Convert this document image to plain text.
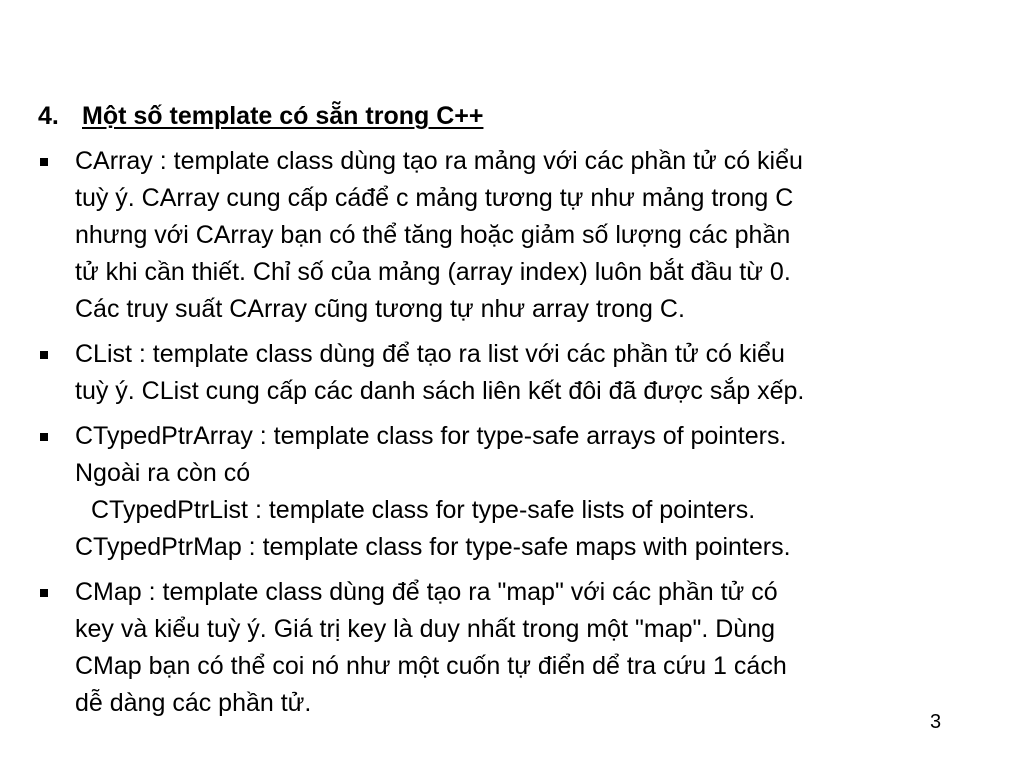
4. Một số template có sẵn trong C++
CArray : template class dùng tạo ra mảng với các phần tử có kiểu
tuỳ ý. CArray cung cấp cáđể c mảng tương tự như mảng trong C
nhưng với CArray bạn có thể tăng hoặc giảm số lượng các phần
tử khi cần thiết. Chỉ số của mảng (array index) luôn bắt đầu từ 0.
Các truy suất CArray cũng tương tự như array trong C.
CList : template class dùng để tạo ra list với các phần tử có kiểu
tuỳ ý. CList cung cấp các danh sách liên kết đôi đã được sắp xếp.
CTypedPtrArray : template class for type-safe arrays of pointers.
Ngoài ra còn có
CTypedPtrList : template class for type-safe lists of pointers.
CTypedPtrMap : template class for type-safe maps with pointers.
CMap : template class dùng để tạo ra "map" với các phần tử có
key và kiểu tuỳ ý. Giá trị key là duy nhất trong một "map". Dùng
CMap bạn có thể coi nó như một cuốn tự điển dể tra cứu 1 cách
dễ dàng các phần tử.
3
